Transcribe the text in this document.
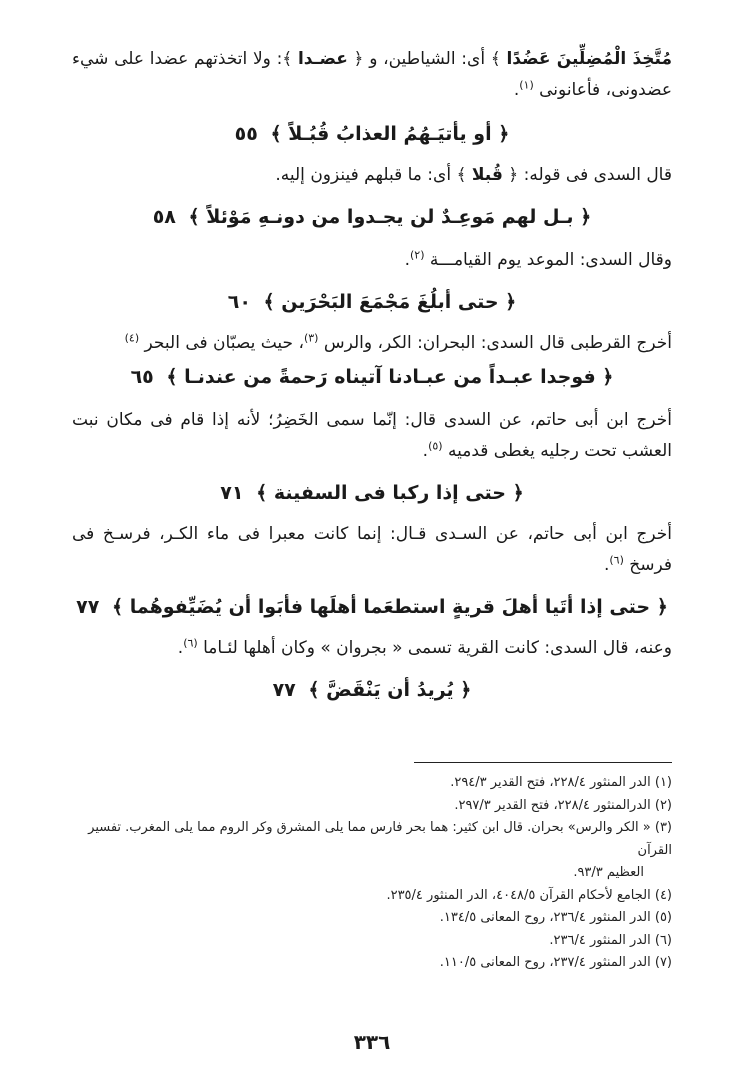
مُتَّخِذَ الْمُضِلِّينَ عَضُدًا ﴾ أى: الشياطين، و ﴿ عضـدا ﴾: ولا اتخذتهم عضدا على شيء عضدونى، فأعانونى $^{(١)}$.

﴿ أو يأتيَـهُمُ العذابُ قُبُـلاً ﴾ ٥٥

قال السدى فى قوله: ﴿ قُبلا ﴾ أى: ما قبلهم فينزون إليه.

﴿ بـل لهم مَوعِـدٌ لن يجـدوا من دونـهِ مَوْئلاً ﴾ ٥٨

وقال السدى: الموعد يوم القيامـــة $^{(٢)}$.

﴿ حتى أبلُغَ مَجْمَعَ البَحْرَين ﴾ ٦٠

أخرج القرطبى قال السدى: البحران: الكر، والرس $^{(٣)}$، حيث يصبّان فى البحر $^{(٤)}$

﴿ فوجدا عبـداً من عبـادنا آتيناه رَحمةً من عندنـا ﴾ ٦٥

أخرج ابن أبى حاتم، عن السدى قال: إنّما سمى الخَضِرُ؛ لأنه إذا قام فى مكان نبت العشب تحت رجليه يغطى قدميه $^{(٥)}$.

﴿ حتى إذا ركبا فى السفينة ﴾ ٧١

أخرج ابن أبى حاتم، عن السـدى قـال: إنما كانت معبرا فى ماء الكـر، فرسـخ فى فرسخ $^{(٦)}$.

﴿ حتى إذا أتَيا أهلَ قريةٍ استطعَما أهلَها فأبَوا أن يُضَيِّفوهُما ﴾ ٧٧

وعنه، قال السدى: كانت القرية تسمى « بجروان » وكان أهلها لئـاما $^{(٦)}$.

﴿ يُريدُ أن يَنْقَضَّ ﴾ ٧٧

(١) الدر المنثور ٢٢٨/٤، فتح القدير ٢٩٤/٣.

(٢) الدرالمنثور ٢٢٨/٤، فتح القدير ٢٩٧/٣.

(٣) « الكر والرس» بحران. قال ابن كثير: هما بحر فارس مما يلى المشرق وكر الروم مما يلى المغرب. تفسير القرآن

العظيم ٩٣/٣.

(٤) الجامع لأحكام القرآن ٤٠٤٨/٥، الدر المنثور ٢٣٥/٤.

(٥) الدر المنثور ٢٣٦/٤، روح المعانى ١٣٤/٥.

(٦) الدر المنثور ٢٣٦/٤.

(٧) الدر المنثور ٢٣٧/٤، روح المعانى ١١٠/٥.

٣٣٦
